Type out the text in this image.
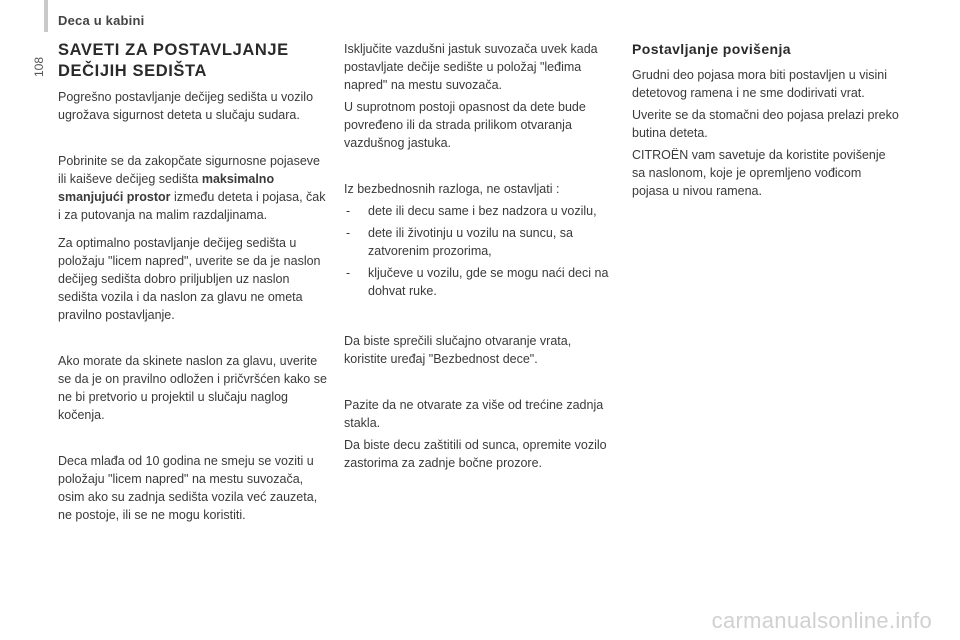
Deca u kabini
108
SAVETI ZA POSTAVLJANJE DEČIJIH SEDIŠTA

Pogrešno postavljanje dečijeg sedišta u vozilo ugrožava sigurnost deteta u slučaju sudara.

Pobrinite se da zakopčate sigurnosne pojaseve ili kaiševe dečijeg sedišta maksimalno smanjujući prostor između deteta i pojasa, čak i za putovanja na malim razdaljinama.

Za optimalno postavljanje dečijeg sedišta u položaju "licem napred", uverite se da je naslon dečijeg sedišta dobro priljubljen uz naslon sedišta vozila i da naslon za glavu ne ometa pravilno postavljanje.

Ako morate da skinete naslon za glavu, uverite se da je on pravilno odložen i pričvršćen kako se ne bi pretvorio u projektil u slučaju naglog kočenja.

Deca mlađa od 10 godina ne smeju se voziti u položaju "licem napred" na mestu suvozača, osim ako su zadnja sedišta vozila već zauzeta, ne postoje, ili se ne mogu koristiti.

Isključite vazdušni jastuk suvozača uvek kada postavljate dečije sedište u položaj "leđima napred" na mestu suvozača.

U suprotnom postoji opasnost da dete bude povređeno ili da strada prilikom otvaranja vazdušnog jastuka.

Iz bezbednosnih razloga, ne ostavljati :

- dete ili decu same i bez nadzora u vozilu,
- dete ili životinju u vozilu na suncu, sa zatvorenim prozorima,
- ključeve u vozilu, gde se mogu naći deci na dohvat ruke.

Da biste sprečili slučajno otvaranje vrata, koristite uređaj "Bezbednost dece".

Pazite da ne otvarate za više od trećine zadnja stakla.

Da biste decu zaštitili od sunca, opremite vozilo zastorima za zadnje bočne prozore.

Postavljanje povišenja

Grudni deo pojasa mora biti postavljen u visini detetovog ramena i ne sme dodirivati vrat.

Uverite se da stomačni deo pojasa prelazi preko butina deteta.

CITROËN vam savetuje da koristite povišenje sa naslonom, koje je opremljeno vođicom pojasa u nivou ramena.

carmanualsonline.info
